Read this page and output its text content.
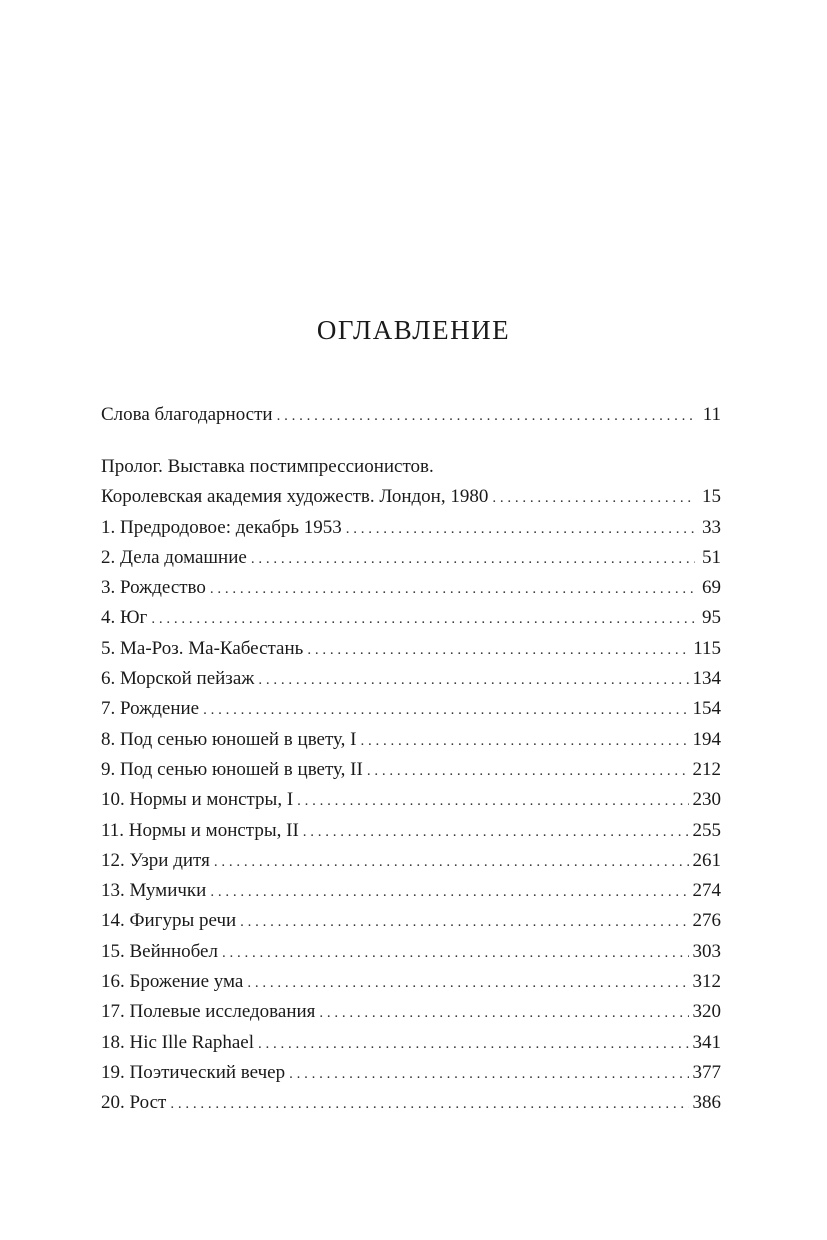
ОГЛАВЛЕНИЕ
Слова благодарности . . .	11
Пролог. Выставка постимпрессионистов.
Королевская академия художеств. Лондон, 1980 . . .	15
1. Предродовое: декабрь 1953 . . .	33
2. Дела домашние . . .	51
3. Рождество . . .	69
4. Юг . . .	95
5. Ма-Роз. Ма-Кабестань . . .	115
6. Морской пейзаж . . .	134
7. Рождение . . .	154
8. Под сенью юношей в цвету, I . . .	194
9. Под сенью юношей в цвету, II . . .	212
10. Нормы и монстры, I . . .	230
11. Нормы и монстры, II . . .	255
12. Узри дитя . . .	261
13. Мумички . . .	274
14. Фигуры речи . . .	276
15. Вейннобел . . .	303
16. Брожение ума . . .	312
17. Полевые исследования . . .	320
18. Hic Ille Raphael . . .	341
19. Поэтический вечер . . .	377
20. Рост . . .	386
